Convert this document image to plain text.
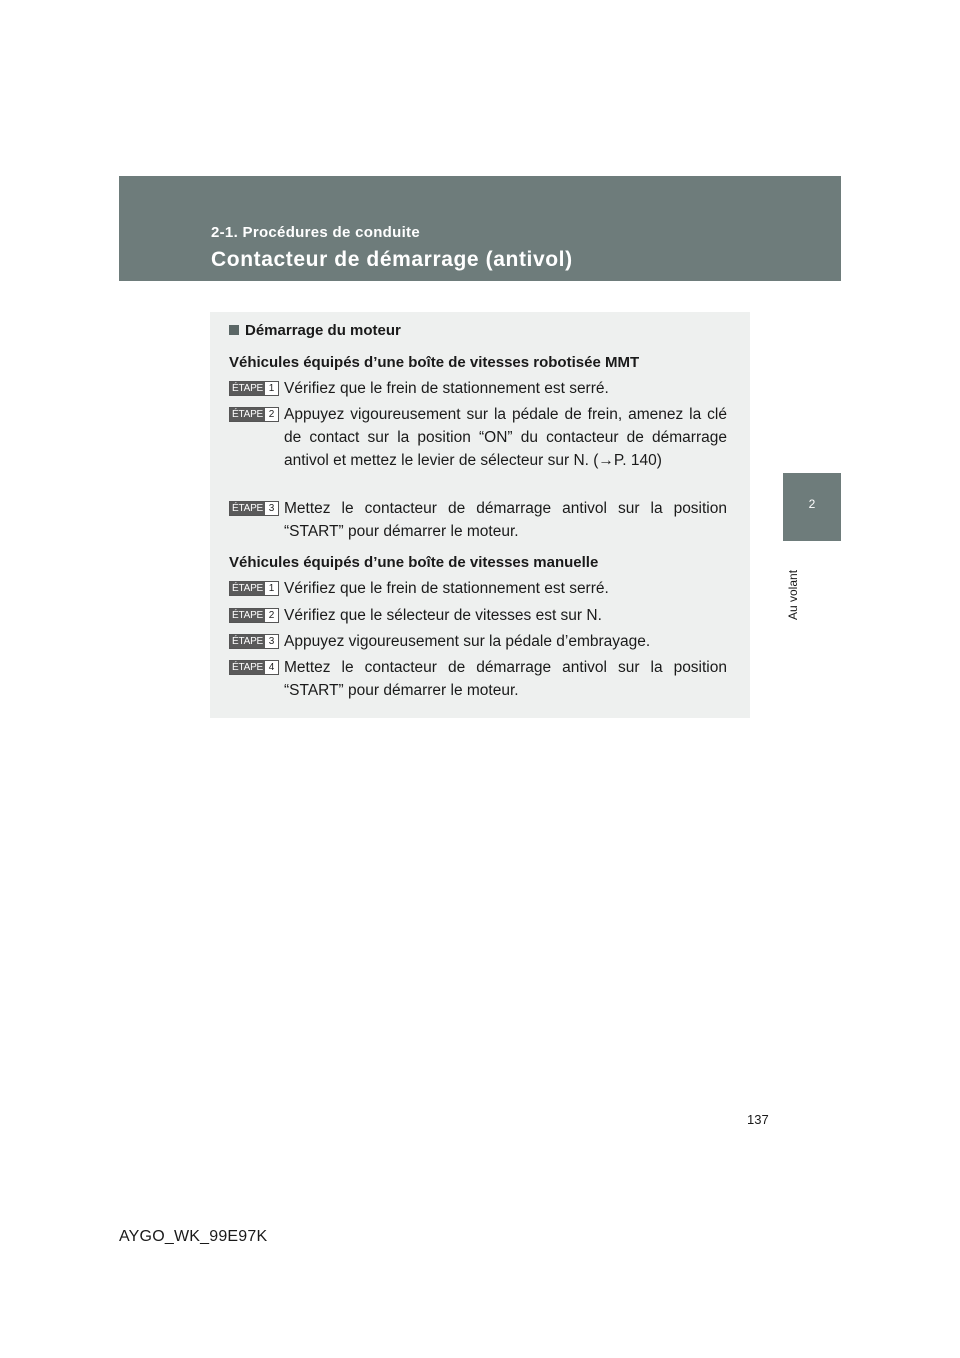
2-1. Procédures de conduite
Contacteur de démarrage (antivol)
2
Au volant
Démarrage du moteur
Véhicules équipés d’une boîte de vitesses robotisée MMT
ÉTAPE 1 Vérifiez que le frein de stationnement est serré.
ÉTAPE 2 Appuyez vigoureusement sur la pédale de frein, amenez la clé de contact sur la position “ON” du contacteur de démarrage antivol et mettez le levier de sélecteur sur N. (→P. 140)
ÉTAPE 3 Mettez le contacteur de démarrage antivol sur la position “START” pour démarrer le moteur.
Véhicules équipés d’une boîte de vitesses manuelle
ÉTAPE 1 Vérifiez que le frein de stationnement est serré.
ÉTAPE 2 Vérifiez que le sélecteur de vitesses est sur N.
ÉTAPE 3 Appuyez vigoureusement sur la pédale d’embrayage.
ÉTAPE 4 Mettez le contacteur de démarrage antivol sur la position “START” pour démarrer le moteur.
137
AYGO_WK_99E97K
